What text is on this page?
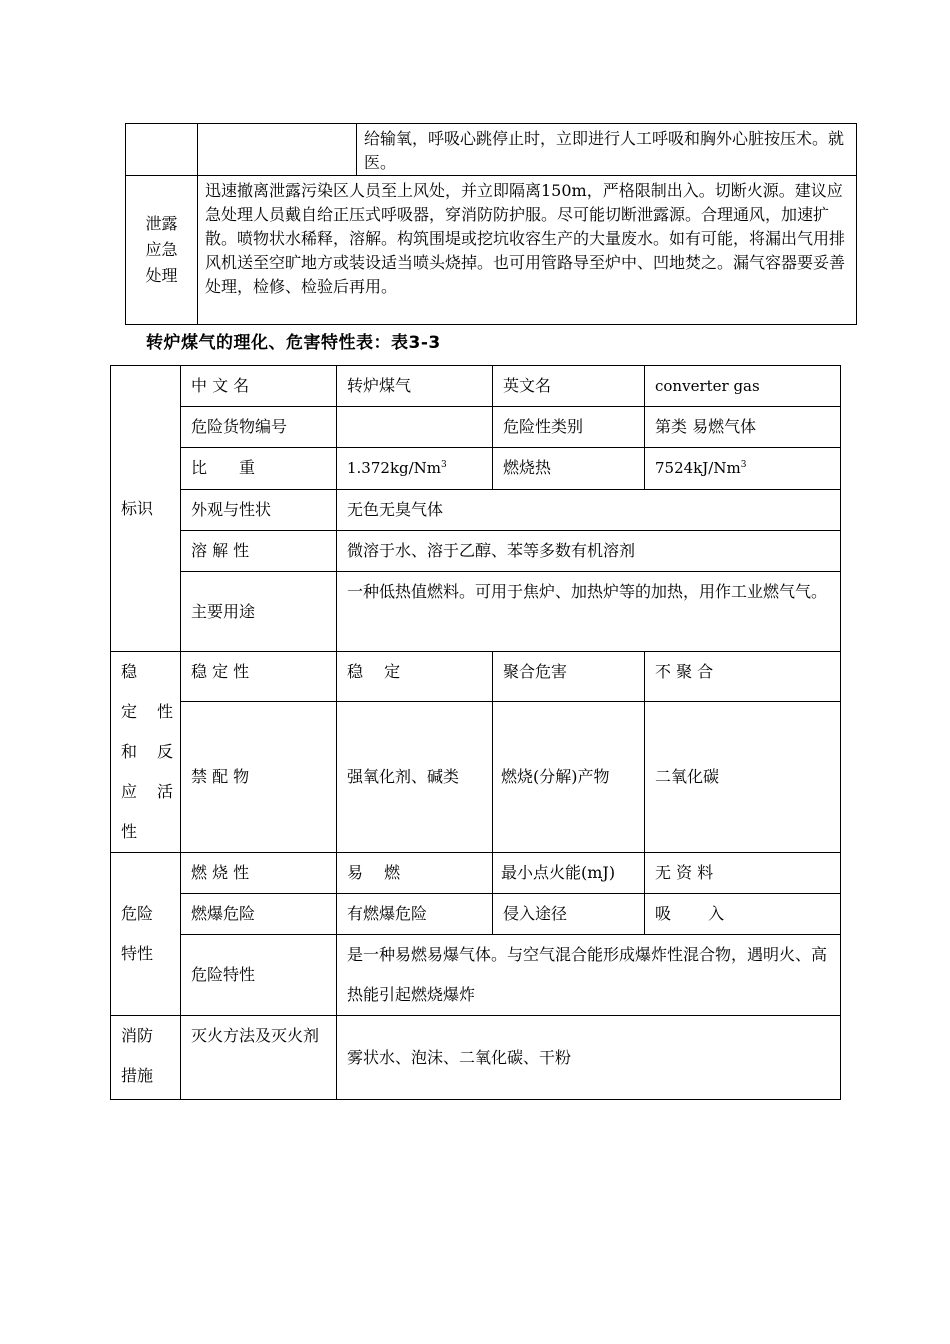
		给输氧，呼吸心跳停止时，立即进行人工呼吸和胸外心脏按压术。就医。

泄露应急处理	迅速撤离泄露污染区人员至上风处，并立即隔离150m，严格限制出入。切断火源。建议应急处理人员戴自给正压式呼吸器，穿消防防护服。尽可能切断泄露源。合理通风，加速扩散。喷物状水稀释，溶解。构筑围堤或挖坑收容生产的大量废水。如有可能，将漏出气用排风机送至空旷地方或装设适当喷头烧掉。也可用管路导至炉中、凹地焚之。漏气容器要妥善处理，检修、检验后再用。	
转炉煤气的理化、危害特性表：表3-3
标识	中 文 名	转炉煤气	英文名	converter gas
	危险货物编号		危险性类别	第类 易燃气体
	比　　重	1.372kg/Nm$^3$	燃烧热	7524kJ/Nm$^3$
	外观与性状	无色无臭气体		
	溶 解 性	微溶于水、溶于乙醇、苯等多数有机溶剂		
	主要用途	一种低热值燃料。可用于焦炉、加热炉等的加热，用作工业燃气气。		

稳　定性　和反　应活性	稳 定 性	稳　 定	聚合危害	不 聚 合
	禁 配 物	强氧化剂、碱类	燃烧(分解)产物	二氧化碳

危险特性	燃 烧 性	易　 燃	最小点火能(mJ)	无 资 料
	燃爆危险	有燃爆危险	侵入途径	吸　　 入
	危险特性	是一种易燃易爆气体。与空气混合能形成爆炸性混合物，遇明火、高热能引起燃烧爆炸		

消防措施	灭火方法及灭火剂	雾状水、泡沫、二氧化碳、干粉		
